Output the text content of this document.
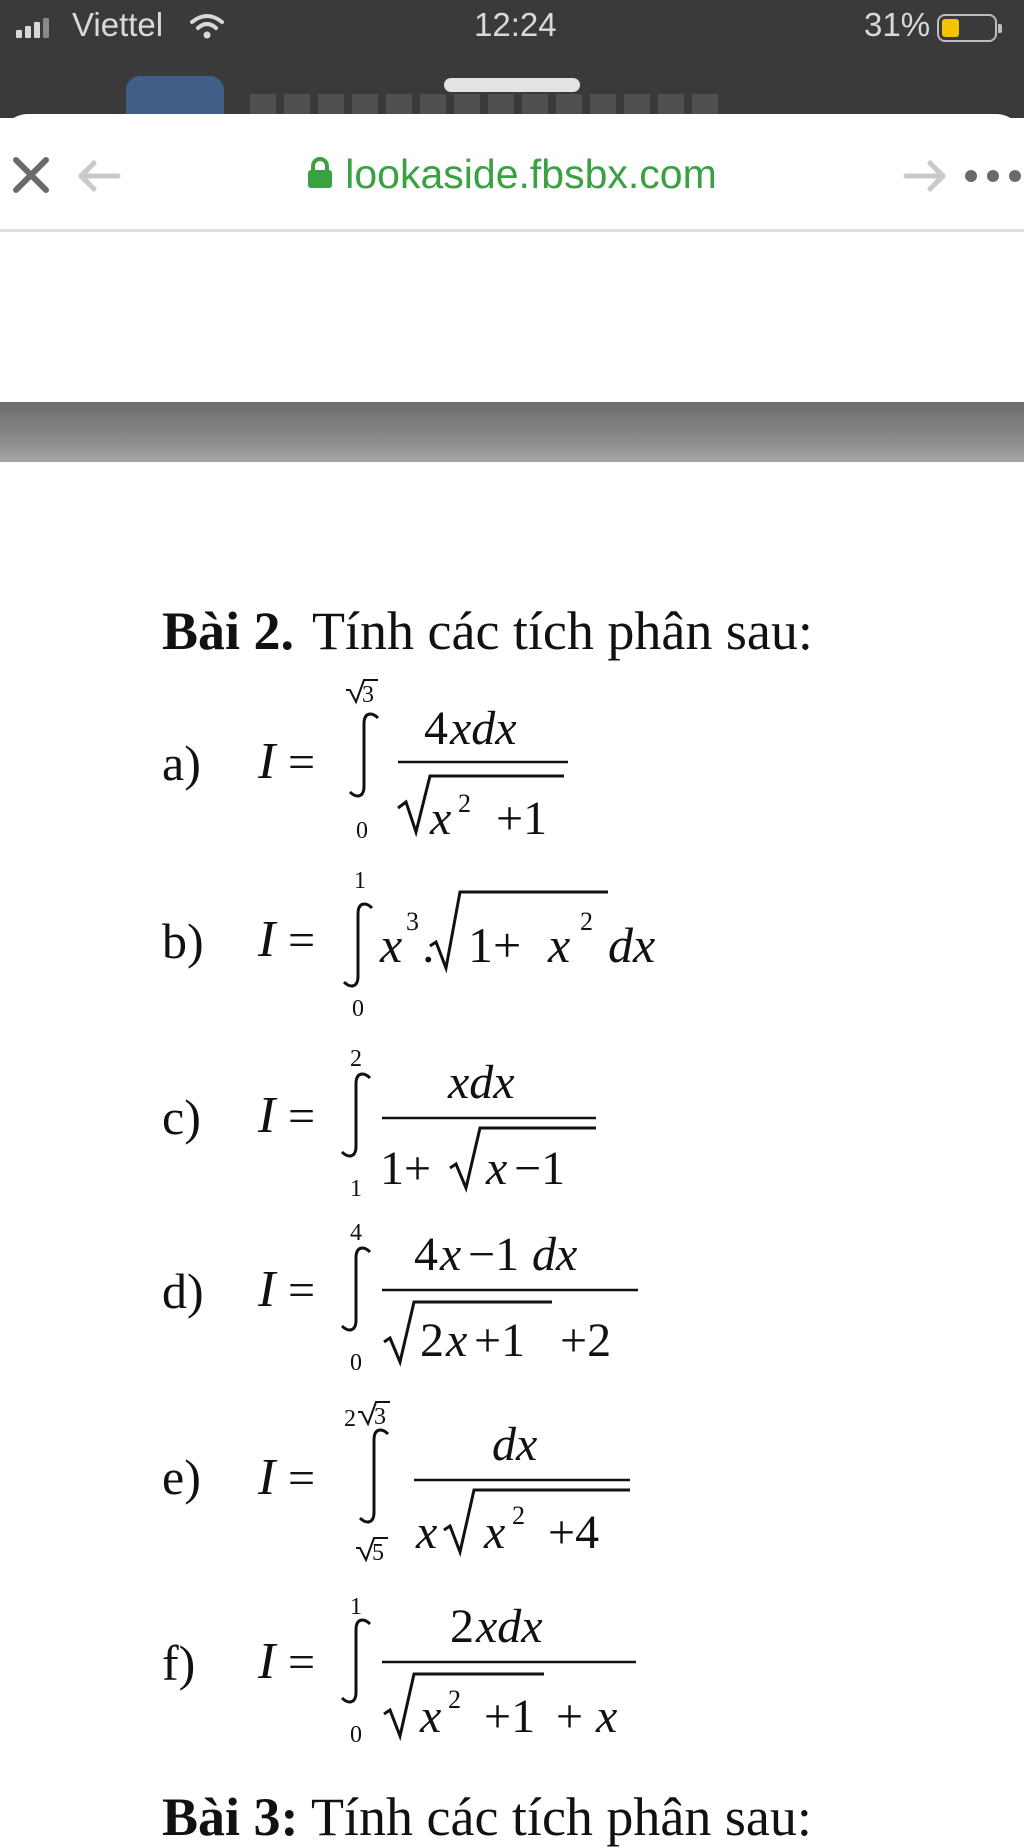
Viettel	12:24	31%
lookaside.fbsbx.com
Bài 2. Tính các tích phân sau:
a)
b)
c)
d)
e)
f)
I =
3
0
4 xdx
x 2 +1
I =
1
0
x 3 . 1+ x 2 dx
I =
2
1
xdx
1+ x −1
I =
4
0
4 x −1 dx
2 x +1 +2
I =
2 3
5
dx
x x 2 +4
I =
1
0
2 xdx
x 2 +1 + x
Bài 3: Tính các tích phân sau:
